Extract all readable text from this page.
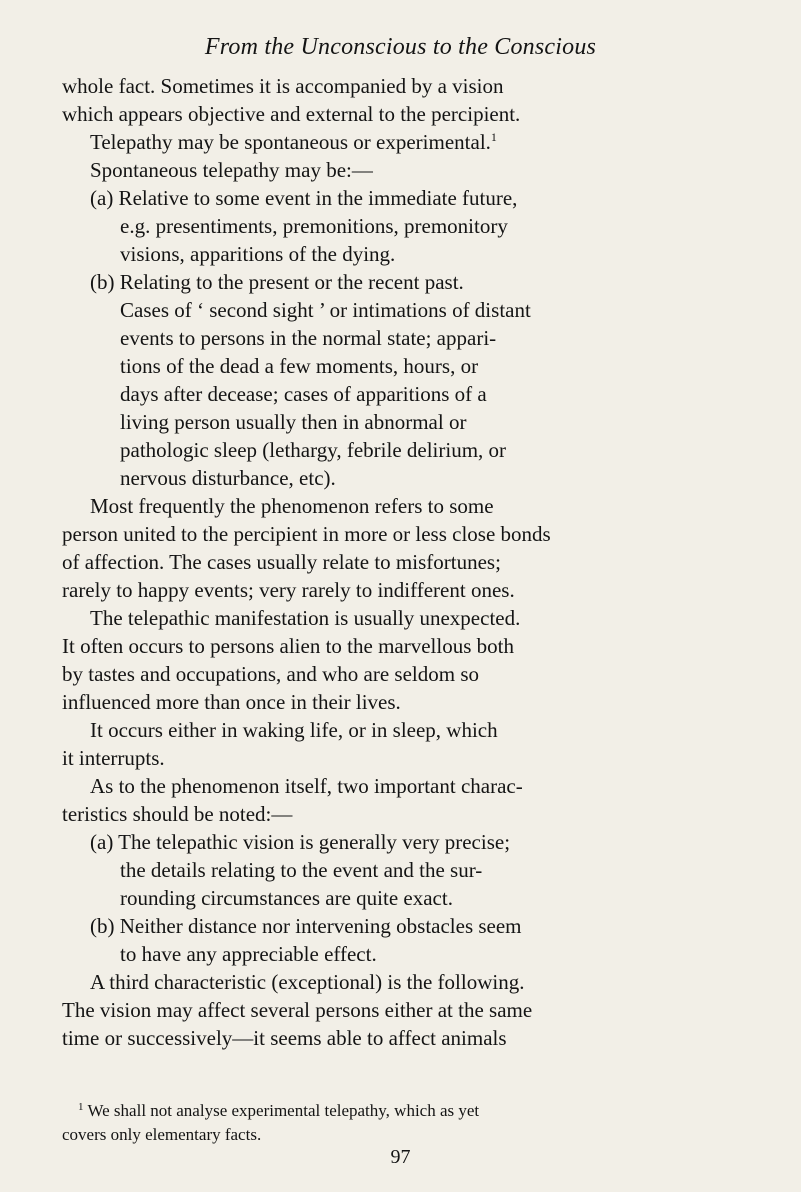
From the Unconscious to the Conscious
whole fact. Sometimes it is accompanied by a vision
which appears objective and external to the percipient.
Telepathy may be spontaneous or experimental.$^1$
Spontaneous telepathy may be:—
(a) Relative to some event in the immediate future,
e.g. presentiments, premonitions, premonitory
visions, apparitions of the dying.
(b) Relating to the present or the recent past.
Cases of ‘ second sight ’ or intimations of distant
events to persons in the normal state; appari-
tions of the dead a few moments, hours, or
days after decease; cases of apparitions of a
living person usually then in abnormal or
pathologic sleep (lethargy, febrile delirium, or
nervous disturbance, etc).
Most frequently the phenomenon refers to some
person united to the percipient in more or less close bonds
of affection. The cases usually relate to misfortunes;
rarely to happy events; very rarely to indifferent ones.
The telepathic manifestation is usually unexpected.
It often occurs to persons alien to the marvellous both
by tastes and occupations, and who are seldom so
influenced more than once in their lives.
It occurs either in waking life, or in sleep, which
it interrupts.
As to the phenomenon itself, two important charac-
teristics should be noted:—
(a) The telepathic vision is generally very precise;
the details relating to the event and the sur-
rounding circumstances are quite exact.
(b) Neither distance nor intervening obstacles seem
to have any appreciable effect.
A third characteristic (exceptional) is the following.
The vision may affect several persons either at the same
time or successively—it seems able to affect animals
$^1$ We shall not analyse experimental telepathy, which as yet
covers only elementary facts.
97
